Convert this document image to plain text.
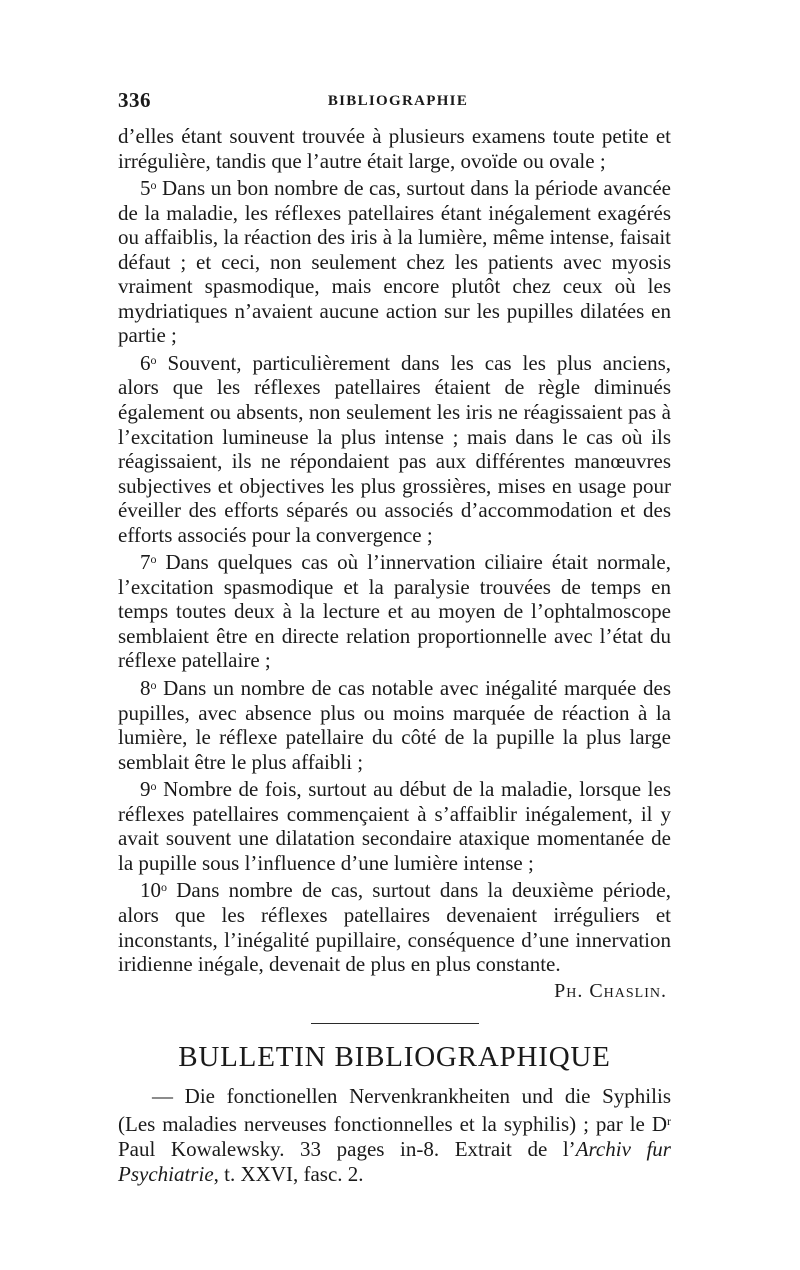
336	BIBLIOGRAPHIE

d’elles étant souvent trouvée à plusieurs examens toute petite et irrégulière, tandis que l’autre était large, ovoïde ou ovale ;

5$^o$ Dans un bon nombre de cas, surtout dans la période avancée de la maladie, les réflexes patellaires étant inégalement exagérés ou affaiblis, la réaction des iris à la lumière, même intense, faisait défaut ; et ceci, non seulement chez les patients avec myosis vraiment spasmodique, mais encore plutôt chez ceux où les mydriatiques n’avaient aucune action sur les pupilles dilatées en partie ;

6$^o$ Souvent, particulièrement dans les cas les plus anciens, alors que les réflexes patellaires étaient de règle diminués également ou absents, non seulement les iris ne réagissaient pas à l’excitation lumineuse la plus intense ; mais dans le cas où ils réagissaient, ils ne répondaient pas aux différentes manœuvres subjectives et objectives les plus grossières, mises en usage pour éveiller des efforts séparés ou associés d’accommodation et des efforts associés pour la convergence ;

7$^o$ Dans quelques cas où l’innervation ciliaire était normale, l’excitation spasmodique et la paralysie trouvées de temps en temps toutes deux à la lecture et au moyen de l’ophtalmoscope semblaient être en directe relation proportionnelle avec l’état du réflexe patellaire ;

8$^o$ Dans un nombre de cas notable avec inégalité marquée des pupilles, avec absence plus ou moins marquée de réaction à la lumière, le réflexe patellaire du côté de la pupille la plus large semblait être le plus affaibli ;

9$^o$ Nombre de fois, surtout au début de la maladie, lorsque les réflexes patellaires commençaient à s’affaiblir inégalement, il y avait souvent une dilatation secondaire ataxique momentanée de la pupille sous l’influence d’une lumière intense ;

10$^o$ Dans nombre de cas, surtout dans la deuxième période, alors que les réflexes patellaires devenaient irréguliers et inconstants, l’inégalité pupillaire, conséquence d’une innervation iridienne inégale, devenait de plus en plus constante.

Ph. Chaslin.
BULLETIN BIBLIOGRAPHIQUE

— Die fonctionellen Nervenkrankheiten und die Syphilis (Les maladies nerveuses fonctionnelles et la syphilis) ; par le $D^r$ Paul Kowalewsky. 33 pages in-8. Extrait de l’Archiv fur Psychiatrie, t. XXVI, fasc. 2.
